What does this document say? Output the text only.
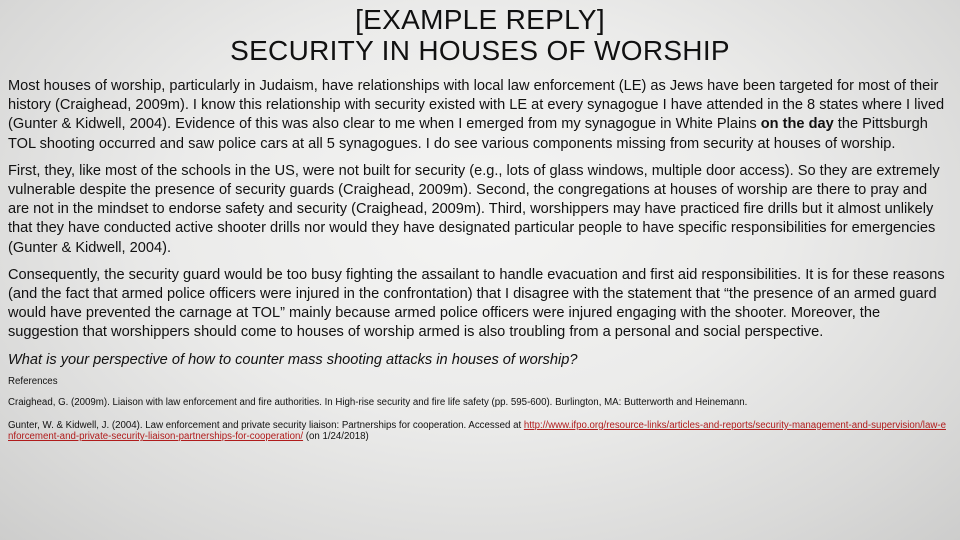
[EXAMPLE REPLY]
SECURITY IN HOUSES OF WORSHIP

Most houses of worship, particularly in Judaism, have relationships with local law enforcement (LE) as Jews have been targeted for most of their history (Craighead, 2009m). I know this relationship with security existed with LE at every synagogue I have attended in the 8 states where I lived (Gunter & Kidwell, 2004). Evidence of this was also clear to me when I emerged from my synagogue in White Plains on the day the Pittsburgh TOL shooting occurred and saw police cars at all 5 synagogues. I do see various components missing from security at houses of worship.

First, they, like most of the schools in the US, were not built for security (e.g., lots of glass windows, multiple door access). So they are extremely vulnerable despite the presence of security guards (Craighead, 2009m). Second, the congregations at houses of worship are there to pray and are not in the mindset to endorse safety and security (Craighead, 2009m). Third, worshippers may have practiced fire drills but it almost unlikely that they have conducted active shooter drills nor would they have designated particular people to have specific responsibilities for emergencies (Gunter & Kidwell, 2004).

Consequently, the security guard would be too busy fighting the assailant to handle evacuation and first aid responsibilities. It is for these reasons (and the fact that armed police officers were injured in the confrontation) that I disagree with the statement that “the presence of an armed guard would have prevented the carnage at TOL” mainly because armed police officers were injured engaging with the shooter. Moreover, the suggestion that worshippers should come to houses of worship armed is also troubling from a personal and social perspective.

What is your perspective of how to counter mass shooting attacks in houses of worship?

References
Craighead, G. (2009m). Liaison with law enforcement and fire authorities. In High-rise security and fire life safety (pp. 595-600). Burlington, MA: Butterworth and Heinemann.
Gunter, W. & Kidwell, J. (2004). Law enforcement and private security liaison: Partnerships for cooperation. Accessed at http://www.ifpo.org/resource-links/articles-and-reports/security-management-and-supervision/law-enforcement-and-private-security-liaison-partnerships-for-cooperation/ (on 1/24/2018)
